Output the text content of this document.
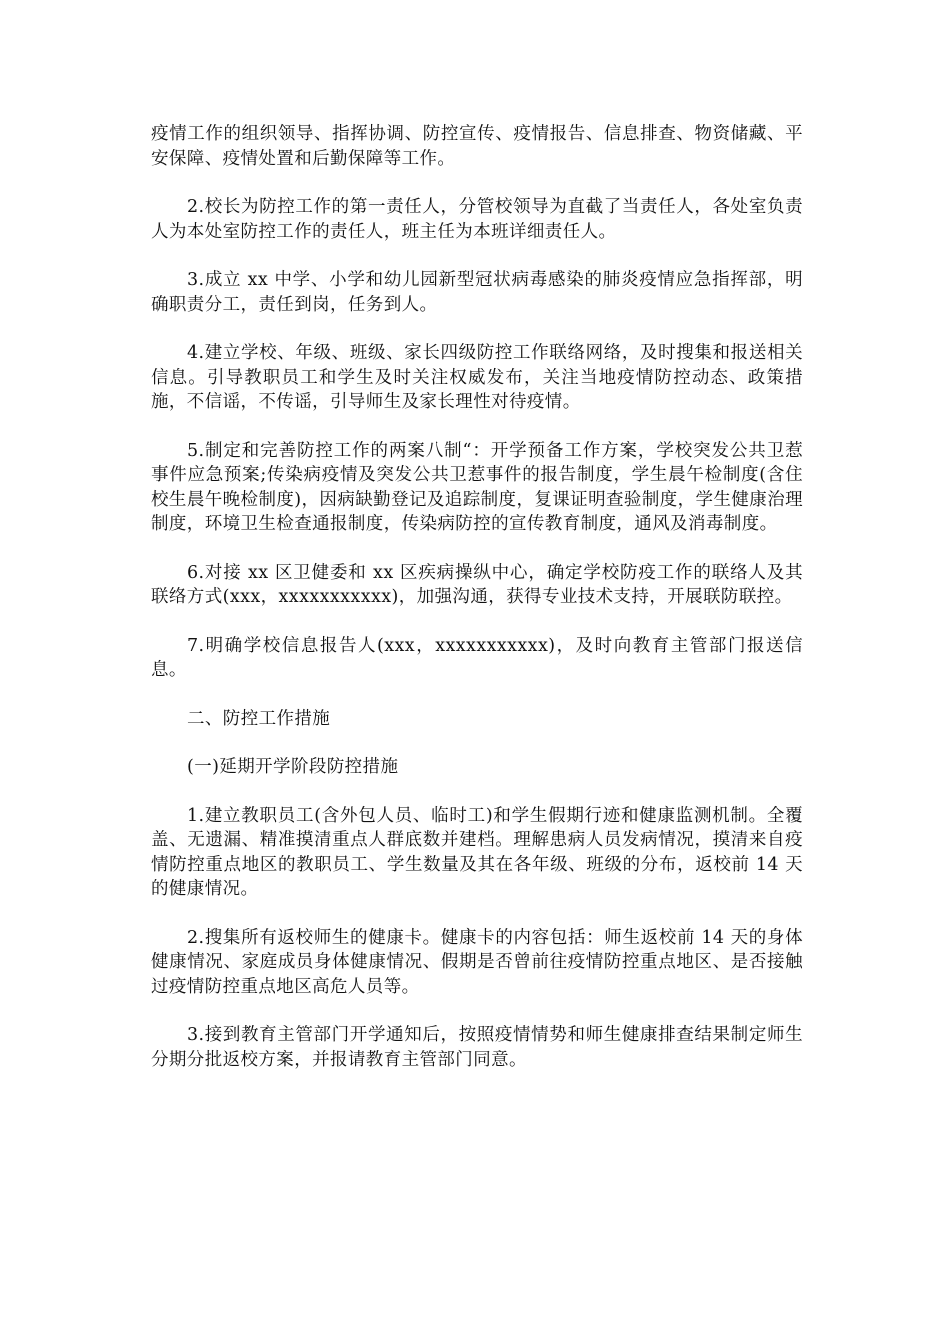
疫情工作的组织领导、指挥协调、防控宣传、疫情报告、信息排查、物资储藏、平安保障、疫情处置和后勤保障等工作。

2.校长为防控工作的第一责任人，分管校领导为直截了当责任人，各处室负责人为本处室防控工作的责任人，班主任为本班详细责任人。

3.成立 xx 中学、小学和幼儿园新型冠状病毒感染的肺炎疫情应急指挥部，明确职责分工，责任到岗，任务到人。

4.建立学校、年级、班级、家长四级防控工作联络网络，及时搜集和报送相关信息。引导教职员工和学生及时关注权威发布，关注当地疫情防控动态、政策措施，不信谣，不传谣，引导师生及家长理性对待疫情。

5.制定和完善防控工作的两案八制“：开学预备工作方案，学校突发公共卫惹事件应急预案;传染病疫情及突发公共卫惹事件的报告制度，学生晨午检制度(含住校生晨午晚检制度)，因病缺勤登记及追踪制度，复课证明查验制度，学生健康治理制度，环境卫生检查通报制度，传染病防控的宣传教育制度，通风及消毒制度。

6.对接 xx 区卫健委和 xx 区疾病操纵中心，确定学校防疫工作的联络人及其联络方式(xxx，xxxxxxxxxxx)，加强沟通，获得专业技术支持，开展联防联控。

7.明确学校信息报告人(xxx，xxxxxxxxxxx)，及时向教育主管部门报送信息。

二、防控工作措施

(一)延期开学阶段防控措施

1.建立教职员工(含外包人员、临时工)和学生假期行迹和健康监测机制。全覆盖、无遗漏、精准摸清重点人群底数并建档。理解患病人员发病情况，摸清来自疫情防控重点地区的教职员工、学生数量及其在各年级、班级的分布，返校前 14 天的健康情况。

2.搜集所有返校师生的健康卡。健康卡的内容包括：师生返校前 14 天的身体健康情况、家庭成员身体健康情况、假期是否曾前往疫情防控重点地区、是否接触过疫情防控重点地区高危人员等。

3.接到教育主管部门开学通知后，按照疫情情势和师生健康排查结果制定师生分期分批返校方案，并报请教育主管部门同意。
